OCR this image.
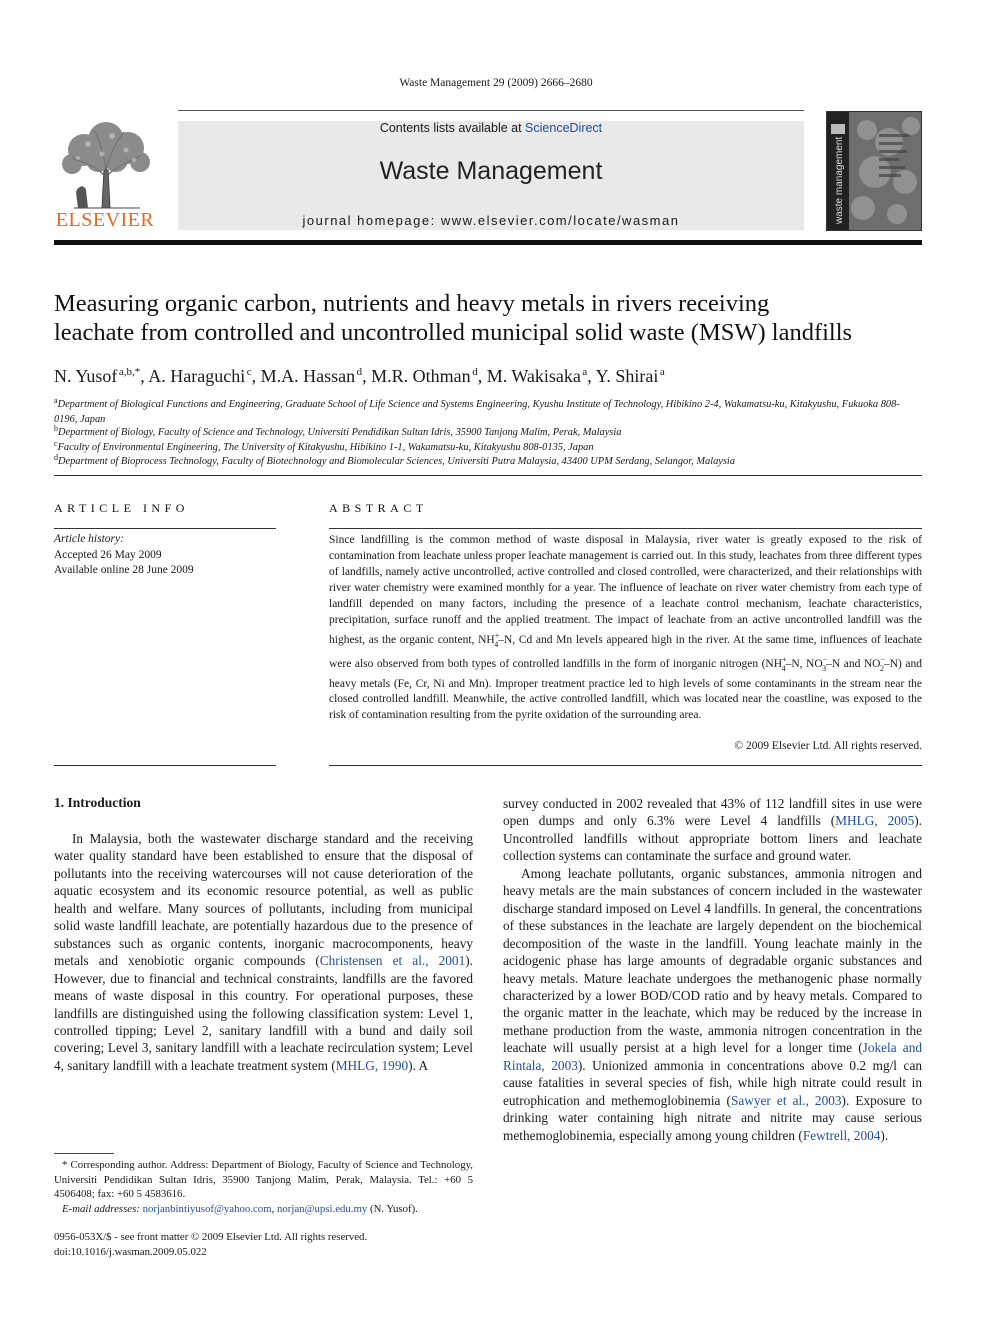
Waste Management 29 (2009) 2666–2680
ELSEVIER
Contents lists available at ScienceDirect
Waste Management
journal homepage: www.elsevier.com/locate/wasman	waste management
Measuring organic carbon, nutrients and heavy metals in rivers receiving
leachate from controlled and uncontrolled municipal solid waste (MSW) landfills
N. Yusof  $^{a,b,*}$, A. Haraguchi  $^c$, M.A. Hassan  $^d$, M.R. Othman  $^d$, M. Wakisaka  $^a$, Y. Shirai  $^a$
$^a$Department of Biological Functions and Engineering, Graduate School of Life Science and Systems Engineering, Kyushu Institute of Technology, Hibikino 2-4, Wakamatsu-ku, Kitakyushu, Fukuoka 808-0196, Japan
$^b$Department of Biology, Faculty of Science and Technology, Universiti Pendidikan Sultan Idris, 35900 Tanjong Malim, Perak, Malaysia
$^c$Faculty of Environmental Engineering, The University of Kitakyushu, Hibikino 1-1, Wakamatsu-ku, Kitakyushu 808-0135, Japan
$^d$Department of Bioprocess Technology, Faculty of Biotechnology and Biomolecular Sciences, Universiti Putra Malaysia, 43400 UPM Serdang, Selangor, Malaysia
ARTICLE INFO
Article history:
Accepted 26 May 2009
Available online 28 June 2009
ABSTRACT
Since landfilling is the common method of waste disposal in Malaysia, river water is greatly exposed to the risk of contamination from leachate unless proper leachate management is carried out. In this study, leachates from three different types of landfills, namely active uncontrolled, active controlled and closed controlled, were characterized, and their relationships with river water chemistry were examined monthly for a year. The influence of leachate on river water chemistry from each type of landfill depended on many factors, including the presence of a leachate control mechanism, leachate characteristics, precipitation, surface runoff and the applied treatment. The impact of leachate from an active uncontrolled landfill was the highest, as the organic content, $NH^+_4-N$, Cd and Mn levels appeared high in the river. At the same time, influences of leachate were also observed from both types of controlled landfills in the form of inorganic nitrogen ($NH^+_4-N$, $NO^-_3-N$ and $NO^-_2-N$) and heavy metals (Fe, Cr, Ni and Mn). Improper treatment practice led to high levels of some contaminants in the stream near the closed controlled landfill. Meanwhile, the active controlled landfill, which was located near the coastline, was exposed to the risk of contamination resulting from the pyrite oxidation of the surrounding area.
© 2009 Elsevier Ltd. All rights reserved.
1. Introduction

In Malaysia, both the wastewater discharge standard and the receiving water quality standard have been established to ensure that the disposal of pollutants into the receiving watercourses will not cause deterioration of the aquatic ecosystem and its economic resource potential, as well as public health and welfare. Many sources of pollutants, including from municipal solid waste landfill leachate, are potentially hazardous due to the presence of substances such as organic contents, inorganic macrocomponents, heavy metals and xenobiotic organic compounds (Christensen et al., 2001). However, due to financial and technical constraints, landfills are the favored means of waste disposal in this country. For operational purposes, these landfills are distinguished using the following classification system: Level 1, controlled tipping; Level 2, sanitary landfill with a bund and daily soil covering; Level 3, sanitary landfill with a leachate recirculation system; Level 4, sanitary landfill with a leachate treatment system (MHLG, 1990). A

* Corresponding author. Address: Department of Biology, Faculty of Science and Technology, Universiti Pendidikan Sultan Idris, 35900 Tanjong Malim, Perak, Malaysia. Tel.: +60 5 4506408; fax: +60 5 4583616.

E-mail addresses: norjanbintiyusof@yahoo.com, norjan@upsi.edu.my (N. Yusof).

0956-053X/$ - see front matter © 2009 Elsevier Ltd. All rights reserved.
doi:10.1016/j.wasman.2009.05.022

survey conducted in 2002 revealed that 43% of 112 landfill sites in use were open dumps and only 6.3% were Level 4 landfills (MHLG, 2005). Uncontrolled landfills without appropriate bottom liners and leachate collection systems can contaminate the surface and ground water.

Among leachate pollutants, organic substances, ammonia nitrogen and heavy metals are the main substances of concern included in the wastewater discharge standard imposed on Level 4 landfills. In general, the concentrations of these substances in the leachate are largely dependent on the biochemical decomposition of the waste in the landfill. Young leachate mainly in the acidogenic phase has large amounts of degradable organic substances and heavy metals. Mature leachate undergoes the methanogenic phase normally characterized by a lower BOD/COD ratio and by heavy metals. Compared to the organic matter in the leachate, which may be reduced by the increase in methane production from the waste, ammonia nitrogen concentration in the leachate will usually persist at a high level for a longer time (Jokela and Rintala, 2003). Unionized ammonia in concentrations above 0.2 mg/l can cause fatalities in several species of fish, while high nitrate could result in eutrophication and methemoglobinemia (Sawyer et al., 2003). Exposure to drinking water containing high nitrate and nitrite may cause serious methemoglobinemia, especially among young children (Fewtrell, 2004).
